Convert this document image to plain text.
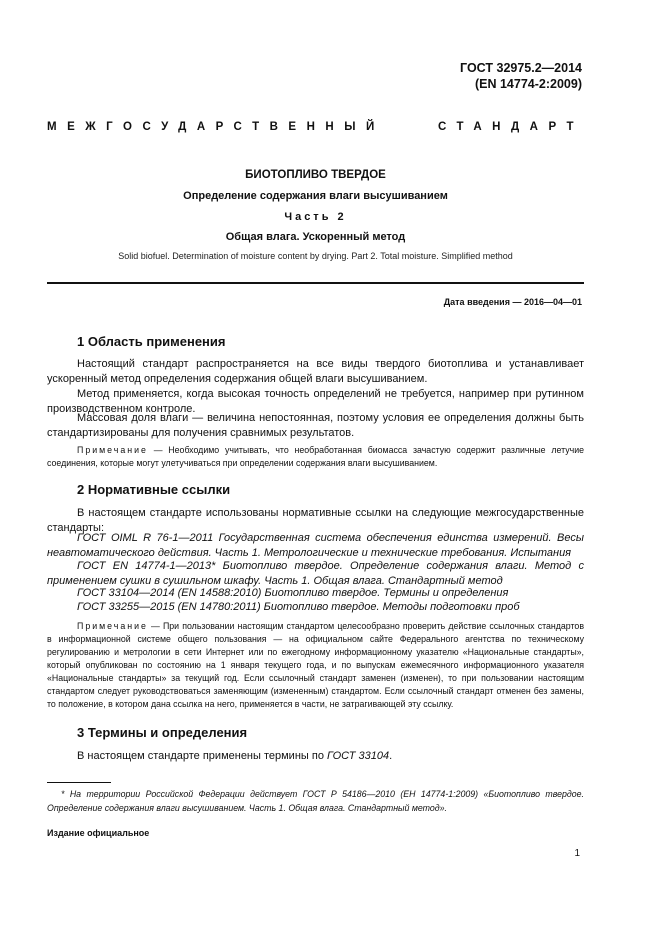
ГОСТ 32975.2—2014
(EN 14774-2:2009)
МЕЖГОСУДАРСТВЕННЫЙ	СТАНДАРТ
БИОТОПЛИВО ТВЕРДОЕ
Определение содержания влаги высушиванием
Часть 2
Общая влага. Ускоренный метод
Solid biofuel. Determination of moisture content by drying. Part 2. Total moisture. Simplified method
Дата введения — 2016—04—01
1 Область применения
Настоящий стандарт распространяется на все виды твердого биотоплива и устанавливает ускоренный метод определения содержания общей влаги высушиванием.
Метод применяется, когда высокая точность определений не требуется, например при рутинном производственном контроле.
Массовая доля влаги — величина непостоянная, поэтому условия ее определения должны быть стандартизированы для получения сравнимых результатов.
Примечание — Необходимо учитывать, что необработанная биомасса зачастую содержит различные летучие соединения, которые могут улетучиваться при определении содержания влаги высушиванием.
2 Нормативные ссылки
В настоящем стандарте использованы нормативные ссылки на следующие межгосударственные стандарты:
ГОСТ OIML R 76-1—2011 Государственная система обеспечения единства измерений. Весы неавтоматического действия. Часть 1. Метрологические и технические требования. Испытания
ГОСТ EN 14774-1—2013* Биотопливо твердое. Определение содержания влаги. Метод с применением сушки в сушильном шкафу. Часть 1. Общая влага. Стандартный метод
ГОСТ 33104—2014 (EN 14588:2010) Биотопливо твердое. Термины и определения
ГОСТ 33255—2015 (EN 14780:2011) Биотопливо твердое. Методы подготовки проб
Примечание — При пользовании настоящим стандартом целесообразно проверить действие ссылочных стандартов в информационной системе общего пользования — на официальном сайте Федерального агентства по техническому регулированию и метрологии в сети Интернет или по ежегодному информационному указателю «Национальные стандарты», который опубликован по состоянию на 1 января текущего года, и по выпускам ежемесячного информационного указателя «Национальные стандарты» за текущий год. Если ссылочный стандарт заменен (изменен), то при пользовании настоящим стандартом следует руководствоваться заменяющим (измененным) стандартом. Если ссылочный стандарт отменен без замены, то положение, в котором дана ссылка на него, применяется в части, не затрагивающей эту ссылку.
3 Термины и определения
В настоящем стандарте применены термины по ГОСТ 33104.
* На территории Российской Федерации действует ГОСТ Р 54186—2010 (ЕН 14774-1:2009) «Биотопливо твердое. Определение содержания влаги высушиванием. Часть 1. Общая влага. Стандартный метод».
Издание официальное
1
